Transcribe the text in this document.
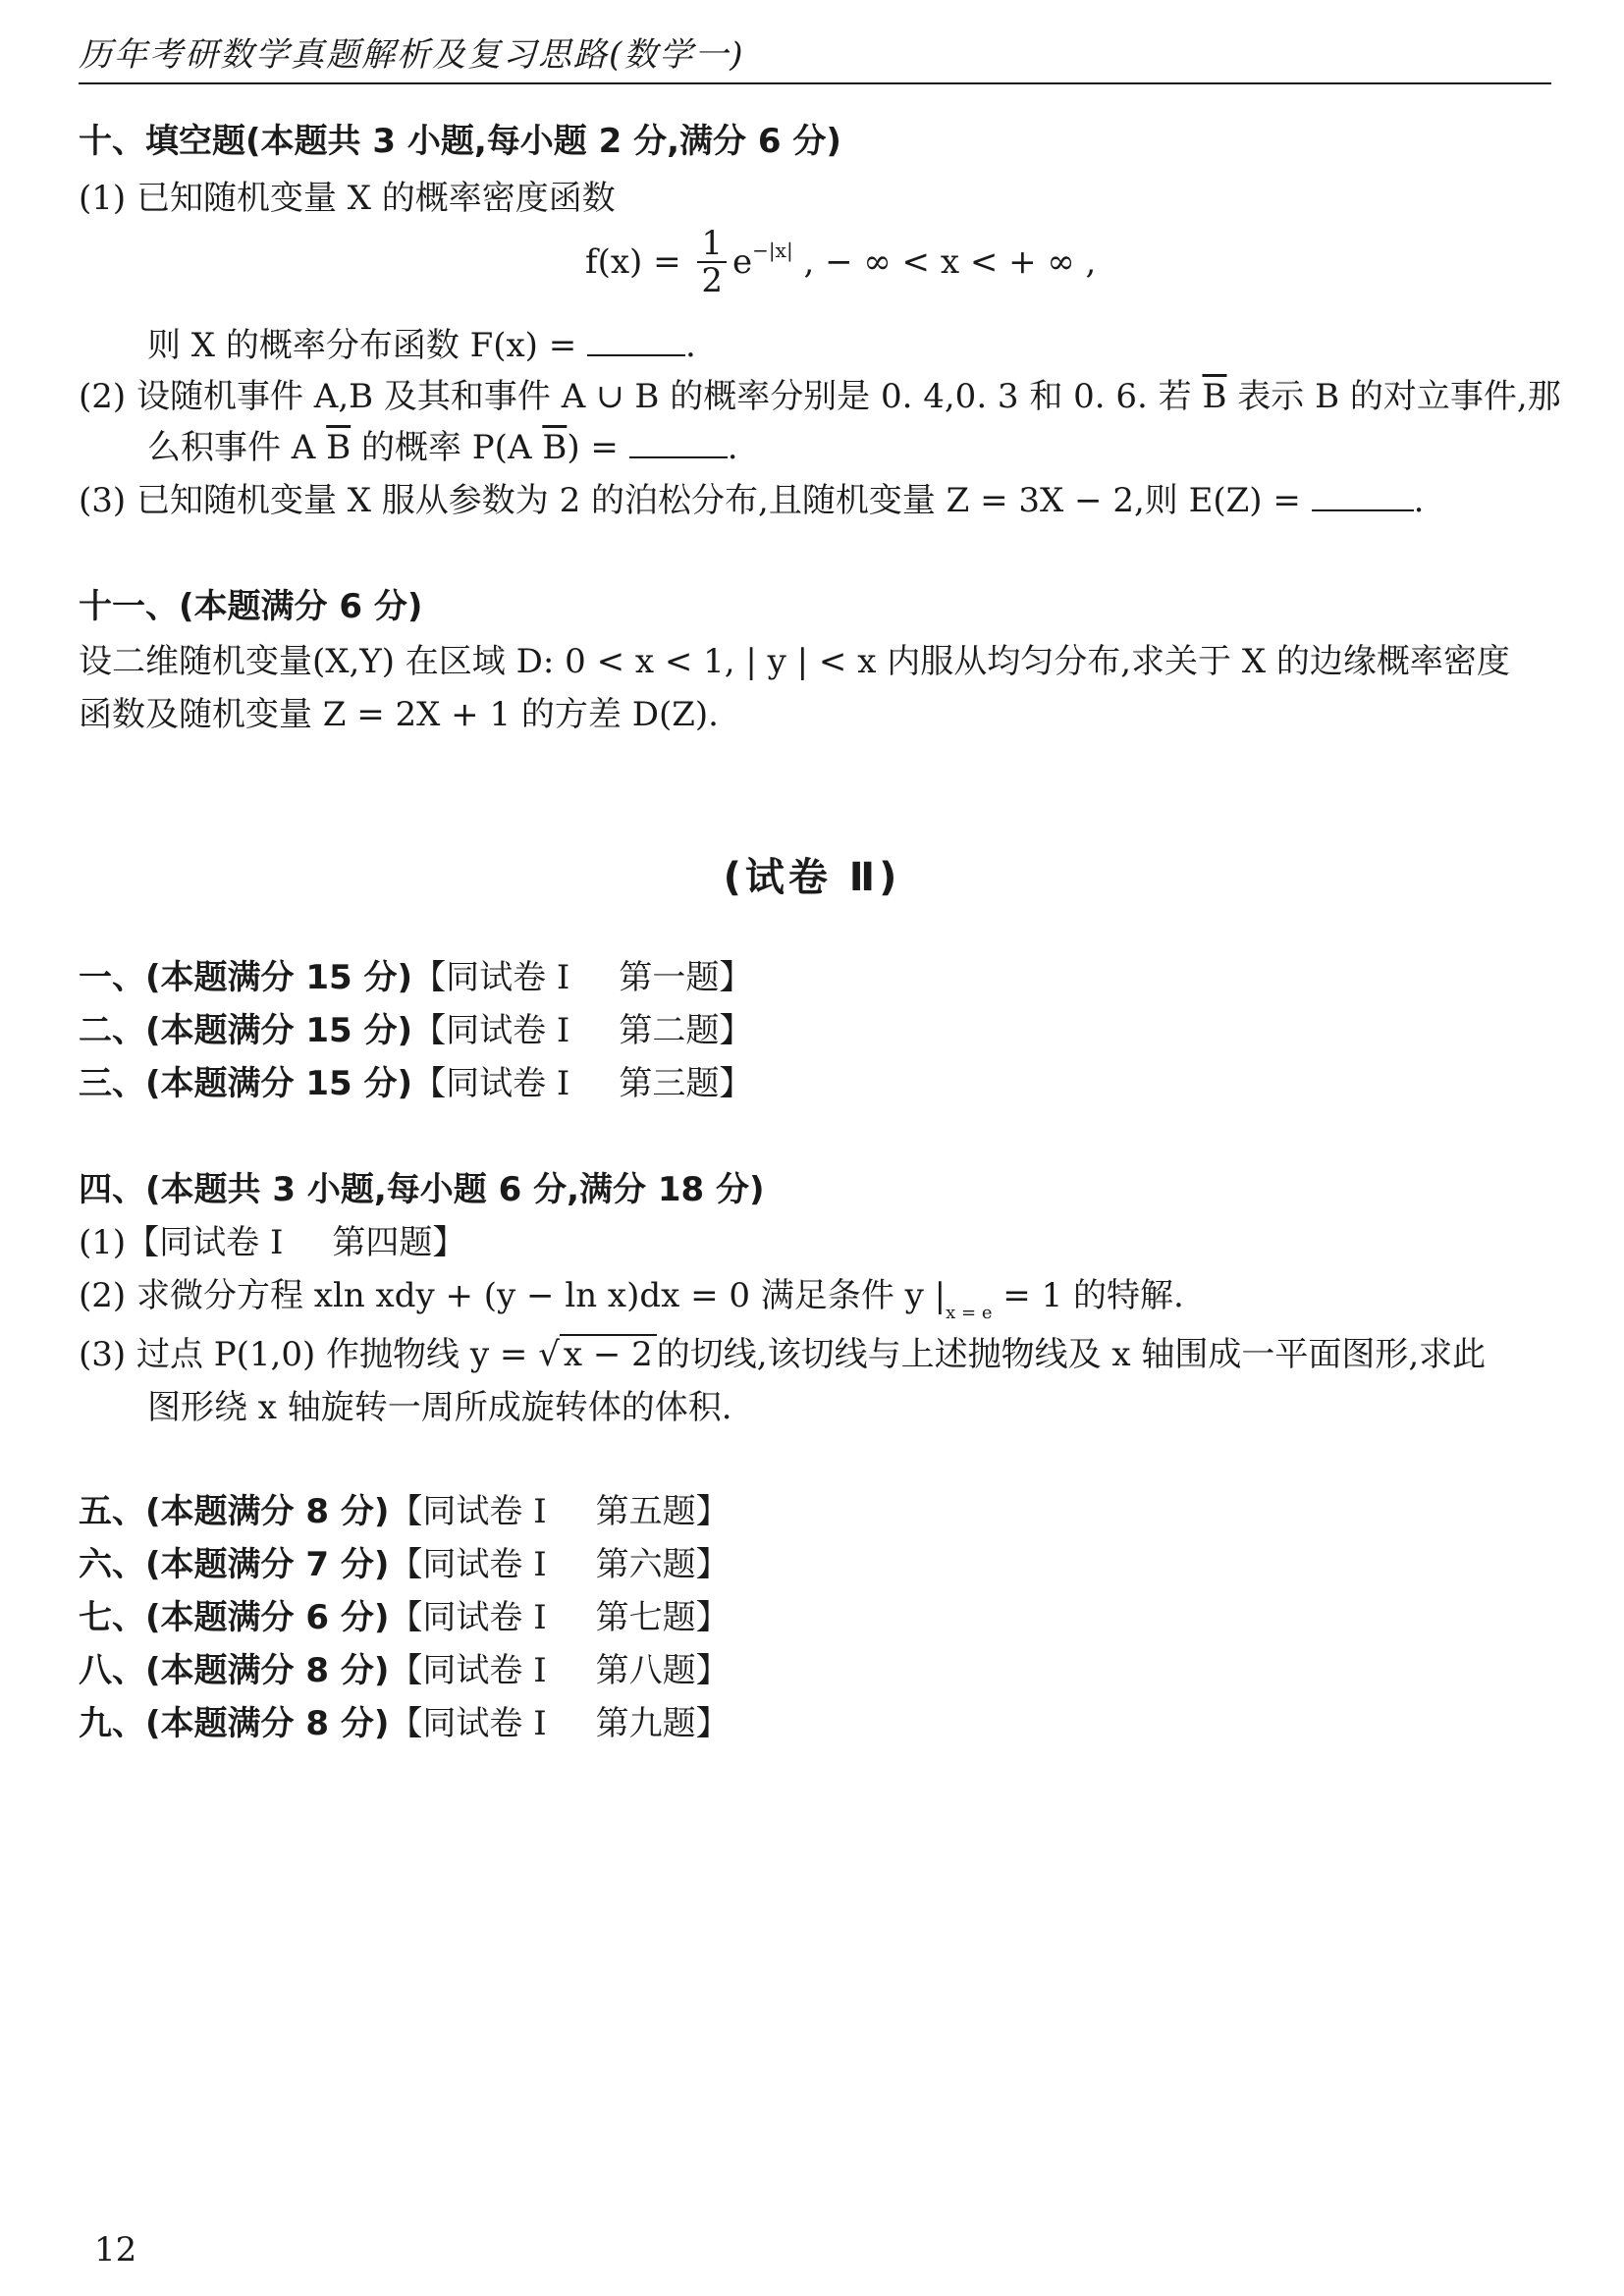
历年考研数学真题解析及复习思路(数学一)
十、填空题(本题共 3 小题,每小题 2 分,满分 6 分)
(1) 已知随机变量 X 的概率密度函数
$f(x) = \frac{1}{2} e^{-|x|}$ , − ∞ < x < + ∞ ,
则 X 的概率分布函数 F(x) =	.
(2) 设随机事件 A,B 及其和事件 A ∪ B 的概率分别是 0. 4,0. 3 和 0. 6. 若 $\overline{B}$ 表示 B 的对立事件,那
么积事件 A $\overline{B}$ 的概率 P(A $\overline{B}$) =	.
(3) 已知随机变量 X 服从参数为 2 的泊松分布,且随机变量 Z = 3X − 2,则 E(Z) =	.
十一、(本题满分 6 分)
设二维随机变量(X,Y) 在区域 D: 0 < x < 1, | y | < x 内服从均匀分布,求关于 X 的边缘概率密度
函数及随机变量 Z = 2X + 1 的方差 D(Z).
(试卷 Ⅱ)
一、(本题满分 15 分)【同试卷 Ⅰ 第一题】
二、(本题满分 15 分)【同试卷 Ⅰ 第二题】
三、(本题满分 15 分)【同试卷 Ⅰ 第三题】
四、(本题共 3 小题,每小题 6 分,满分 18 分)
(1)【同试卷 Ⅰ 第四题】
(2) 求微分方程 xln xdy + (y − ln x)dx = 0 满足条件 y $|_{x = e} = 1$ 的特解.
(3) 过点 P(1,0) 作抛物线 y = √ x − 2 的切线,该切线与上述抛物线及 x 轴围成一平面图形,求此
图形绕 x 轴旋转一周所成旋转体的体积.
五、(本题满分 8 分)【同试卷 Ⅰ 第五题】
六、(本题满分 7 分)【同试卷 Ⅰ 第六题】
七、(本题满分 6 分)【同试卷 Ⅰ 第七题】
八、(本题满分 8 分)【同试卷 Ⅰ 第八题】
九、(本题满分 8 分)【同试卷 Ⅰ 第九题】
12
